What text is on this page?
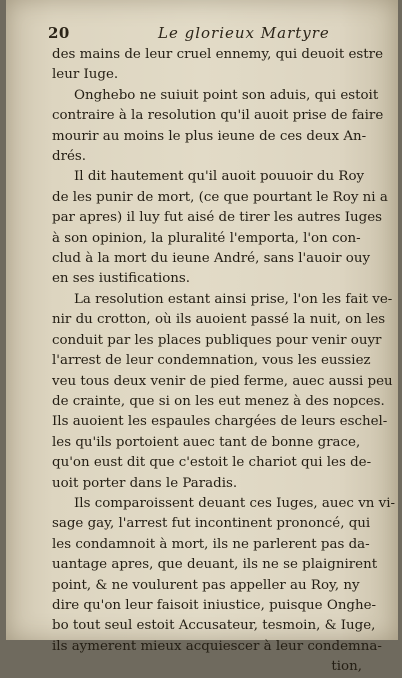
20	Le glorieux Martyre

des mains de leur cruel ennemy, qui deuoit estre
leur Iuge.

Onghebo ne suiuit point son aduis, qui estoit
contraire à la resolution qu'il auoit prise de faire
mourir au moins le plus ieune de ces deux An-
drés.

Il dit hautement qu'il auoit pouuoir du Roy
de les punir de mort, (ce que pourtant le Roy ni a
par apres) il luy fut aisé de tirer les autres Iuges
à son opinion, la pluralité l'emporta, l'on con-
clud à la mort du ieune André, sans l'auoir ouy
en ses iustifications.

La resolution estant ainsi prise, l'on les fait ve-
nir du crotton, où ils auoient passé la nuit, on les
conduit par les places publiques pour venir ouyr
l'arrest de leur condemnation, vous les eussiez
veu tous deux venir de pied ferme, auec aussi peu
de crainte, que si on les eut menez à des nopces.
Ils auoient les espaules chargées de leurs eschel-
les qu'ils portoient auec tant de bonne grace,
qu'on eust dit que c'estoit le chariot qui les de-
uoit porter dans le Paradis.

Ils comparoissent deuant ces Iuges, auec vn vi-
sage gay, l'arrest fut incontinent prononcé, qui
les condamnoit à mort, ils ne parlerent pas da-
uantage apres, que deuant, ils ne se plaignirent
point, & ne voulurent pas appeller au Roy, ny
dire qu'on leur faisoit iniustice, puisque Onghe-
bo tout seul estoit Accusateur, tesmoin, & Iuge,
ils aymerent mieux acquiescer à leur condemna-
tion,
